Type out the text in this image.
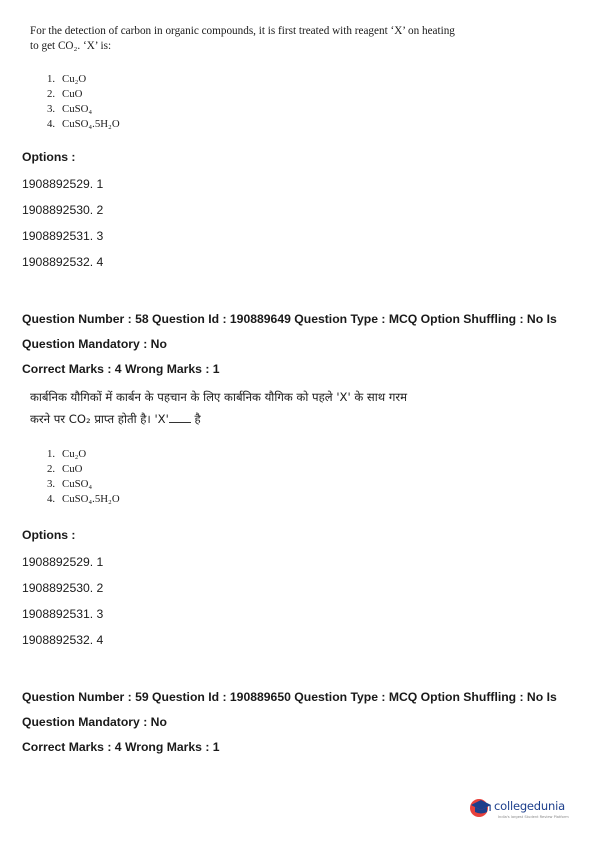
For the detection of carbon in organic compounds, it is first treated with reagent ‘X’ on heating
to get CO₂. ‘X’ is:
1. Cu₂O
2. CuO
3. CuSO₄
4. CuSO₄.5H₂O
Options :
1908892529. 1
1908892530. 2
1908892531. 3
1908892532. 4
Question Number : 58 Question Id : 190889649 Question Type : MCQ Option Shuffling : No Is
Question Mandatory : No
Correct Marks : 4 Wrong Marks : 1
कार्बनिक यौगिकों में कार्बन के पहचान के लिए कार्बनिक यौगिक को पहले 'X' के साथ गरम
करने पर CO₂ प्राप्त होती है। 'X' है
1. Cu₂O
2. CuO
3. CuSO₄
4. CuSO₄.5H₂O
Options :
1908892529. 1
1908892530. 2
1908892531. 3
1908892532. 4
Question Number : 59 Question Id : 190889650 Question Type : MCQ Option Shuffling : No Is
Question Mandatory : No
Correct Marks : 4 Wrong Marks : 1
collegedunia
India's largest Student Review Platform
